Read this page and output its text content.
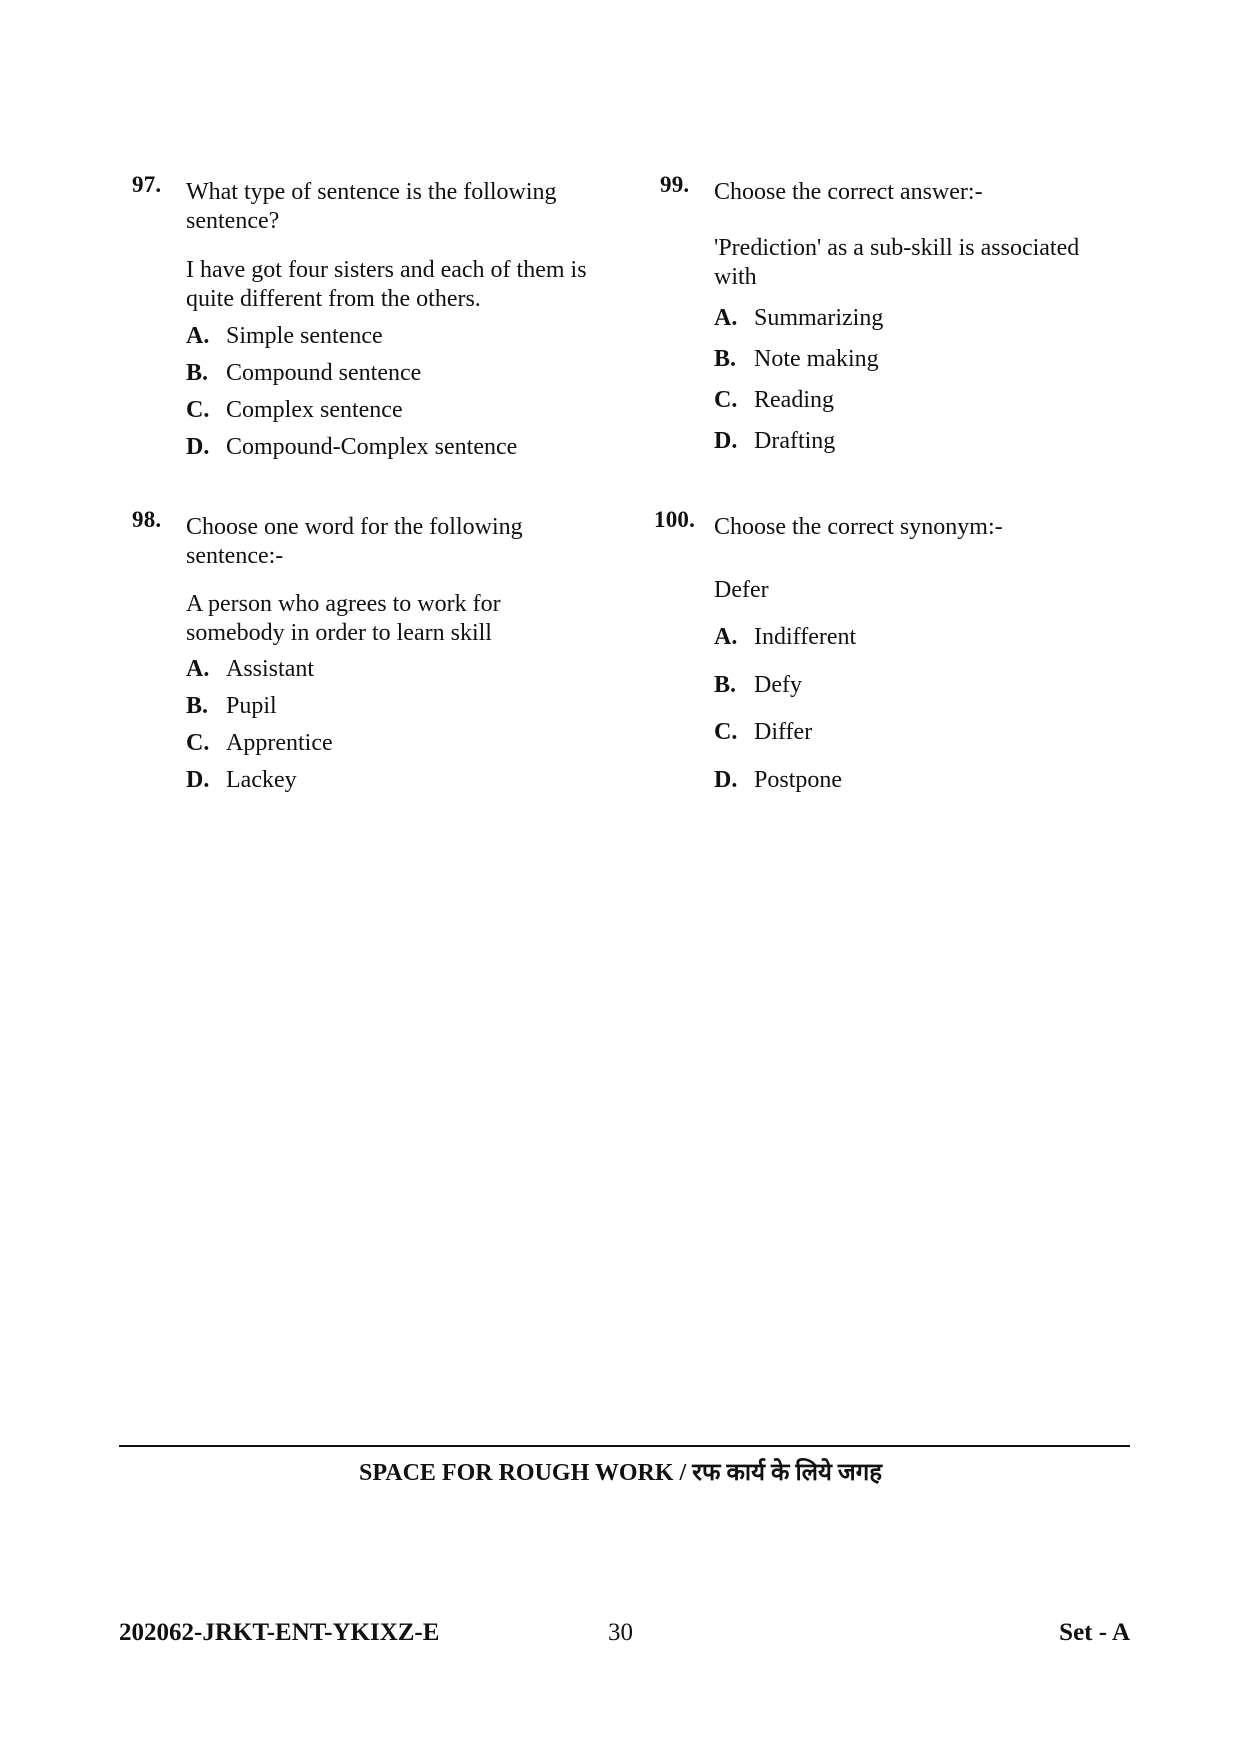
97. What type of sentence is the following sentence?

I have got four sisters and each of them is quite different from the others.

A. Simple sentence
B. Compound sentence
C. Complex sentence
D. Compound-Complex sentence
98. Choose one word for the following sentence:-

A person who agrees to work for somebody in order to learn skill

A. Assistant
B. Pupil
C. Apprentice
D. Lackey
99. Choose the correct answer:-

'Prediction' as a sub-skill is associated with

A. Summarizing
B. Note making
C. Reading
D. Drafting
100. Choose the correct synonym:-

Defer

A. Indifferent
B. Defy
C. Differ
D. Postpone
SPACE FOR ROUGH WORK / रफ कार्य के लिये जगह
202062-JRKT-ENT-YKIXZ-E	30	Set - A
